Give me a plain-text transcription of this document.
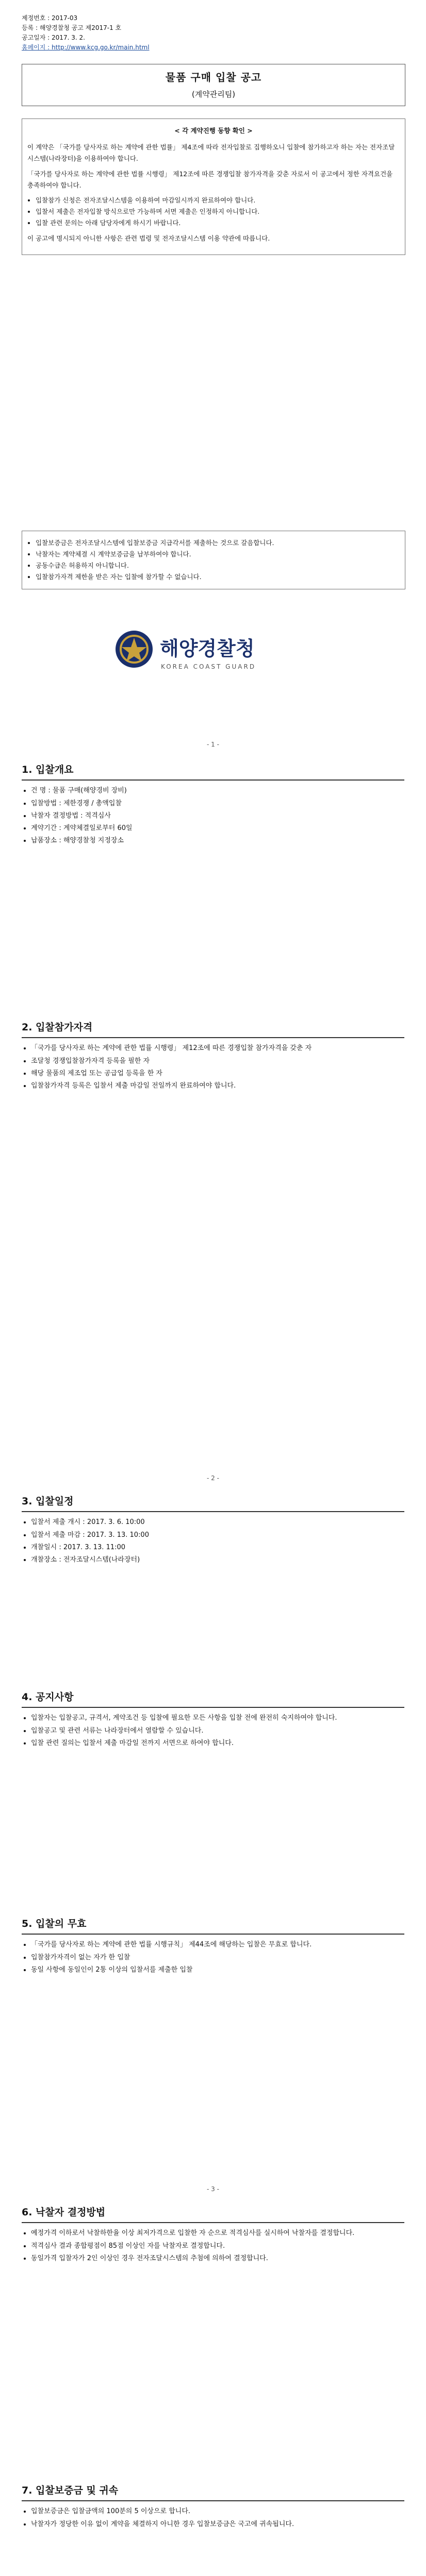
제정번호 : 2017-03
등록 : 해양경찰청 공고 제2017-1 호
공고일자 : 2017. 3. 2.
홈페이지 : http://www.kcg.go.kr/main.html
물품 구매 입찰 공고
(계약관리팀)
< 각 계약진행 동향 확인 >

이 계약은 「국가를 당사자로 하는 계약에 관한 법률」 제4조에 따라 전자입찰로 집행하오니 입찰에 참가하고자 하는 자는 전자조달시스템(나라장터)을 이용하여야 합니다.

「국가를 당사자로 하는 계약에 관한 법률 시행령」 제12조에 따른 경쟁입찰 참가자격을 갖춘 자로서 이 공고에서 정한 자격요건을 충족하여야 합니다.

• 입찰참가 신청은 전자조달시스템을 이용하여 마감일시까지 완료하여야 합니다.
• 입찰서 제출은 전자입찰 방식으로만 가능하며 서면 제출은 인정하지 아니합니다.
• 입찰 관련 문의는 아래 담당자에게 하시기 바랍니다.

이 공고에 명시되지 아니한 사항은 관련 법령 및 전자조달시스템 이용 약관에 따릅니다.

• 입찰보증금은 전자조달시스템에 입찰보증금 지급각서를 제출하는 것으로 갈음합니다.
• 낙찰자는 계약체결 시 계약보증금을 납부하여야 합니다.
• 공동수급은 허용하지 아니합니다.
• 입찰참가자격 제한을 받은 자는 입찰에 참가할 수 없습니다.
해양경찰청
KOREA COAST GUARD
- 1 -
1. 입찰개요
• 건 명 : 물품 구매(해양경비 장비)
• 입찰방법 : 제한경쟁 / 총액입찰
• 낙찰자 결정방법 : 적격심사
• 계약기간 : 계약체결일로부터 60일
• 납품장소 : 해양경찰청 지정장소
2. 입찰참가자격
• 「국가를 당사자로 하는 계약에 관한 법률 시행령」 제12조에 따른 경쟁입찰 참가자격을 갖춘 자
• 조달청 경쟁입찰참가자격 등록을 필한 자
• 해당 물품의 제조업 또는 공급업 등록을 한 자
• 입찰참가자격 등록은 입찰서 제출 마감일 전일까지 완료하여야 합니다.
- 2 -
3. 입찰일정
• 입찰서 제출 개시 : 2017. 3. 6. 10:00
• 입찰서 제출 마감 : 2017. 3. 13. 10:00
• 개찰일시 : 2017. 3. 13. 11:00
• 개찰장소 : 전자조달시스템(나라장터)
4. 공지사항
• 입찰자는 입찰공고, 규격서, 계약조건 등 입찰에 필요한 모든 사항을 입찰 전에 완전히 숙지하여야 합니다.
• 입찰공고 및 관련 서류는 나라장터에서 열람할 수 있습니다.
• 입찰 관련 질의는 입찰서 제출 마감일 전까지 서면으로 하여야 합니다.
5. 입찰의 무효
• 「국가를 당사자로 하는 계약에 관한 법률 시행규칙」 제44조에 해당하는 입찰은 무효로 합니다.
• 입찰참가자격이 없는 자가 한 입찰
• 동일 사항에 동일인이 2통 이상의 입찰서를 제출한 입찰
- 3 -
6. 낙찰자 결정방법
• 예정가격 이하로서 낙찰하한율 이상 최저가격으로 입찰한 자 순으로 적격심사를 실시하여 낙찰자를 결정합니다.
• 적격심사 결과 종합평점이 85점 이상인 자를 낙찰자로 결정합니다.
• 동일가격 입찰자가 2인 이상인 경우 전자조달시스템의 추첨에 의하여 결정합니다.
7. 입찰보증금 및 귀속
• 입찰보증금은 입찰금액의 100분의 5 이상으로 합니다.
• 낙찰자가 정당한 이유 없이 계약을 체결하지 아니한 경우 입찰보증금은 국고에 귀속됩니다.
